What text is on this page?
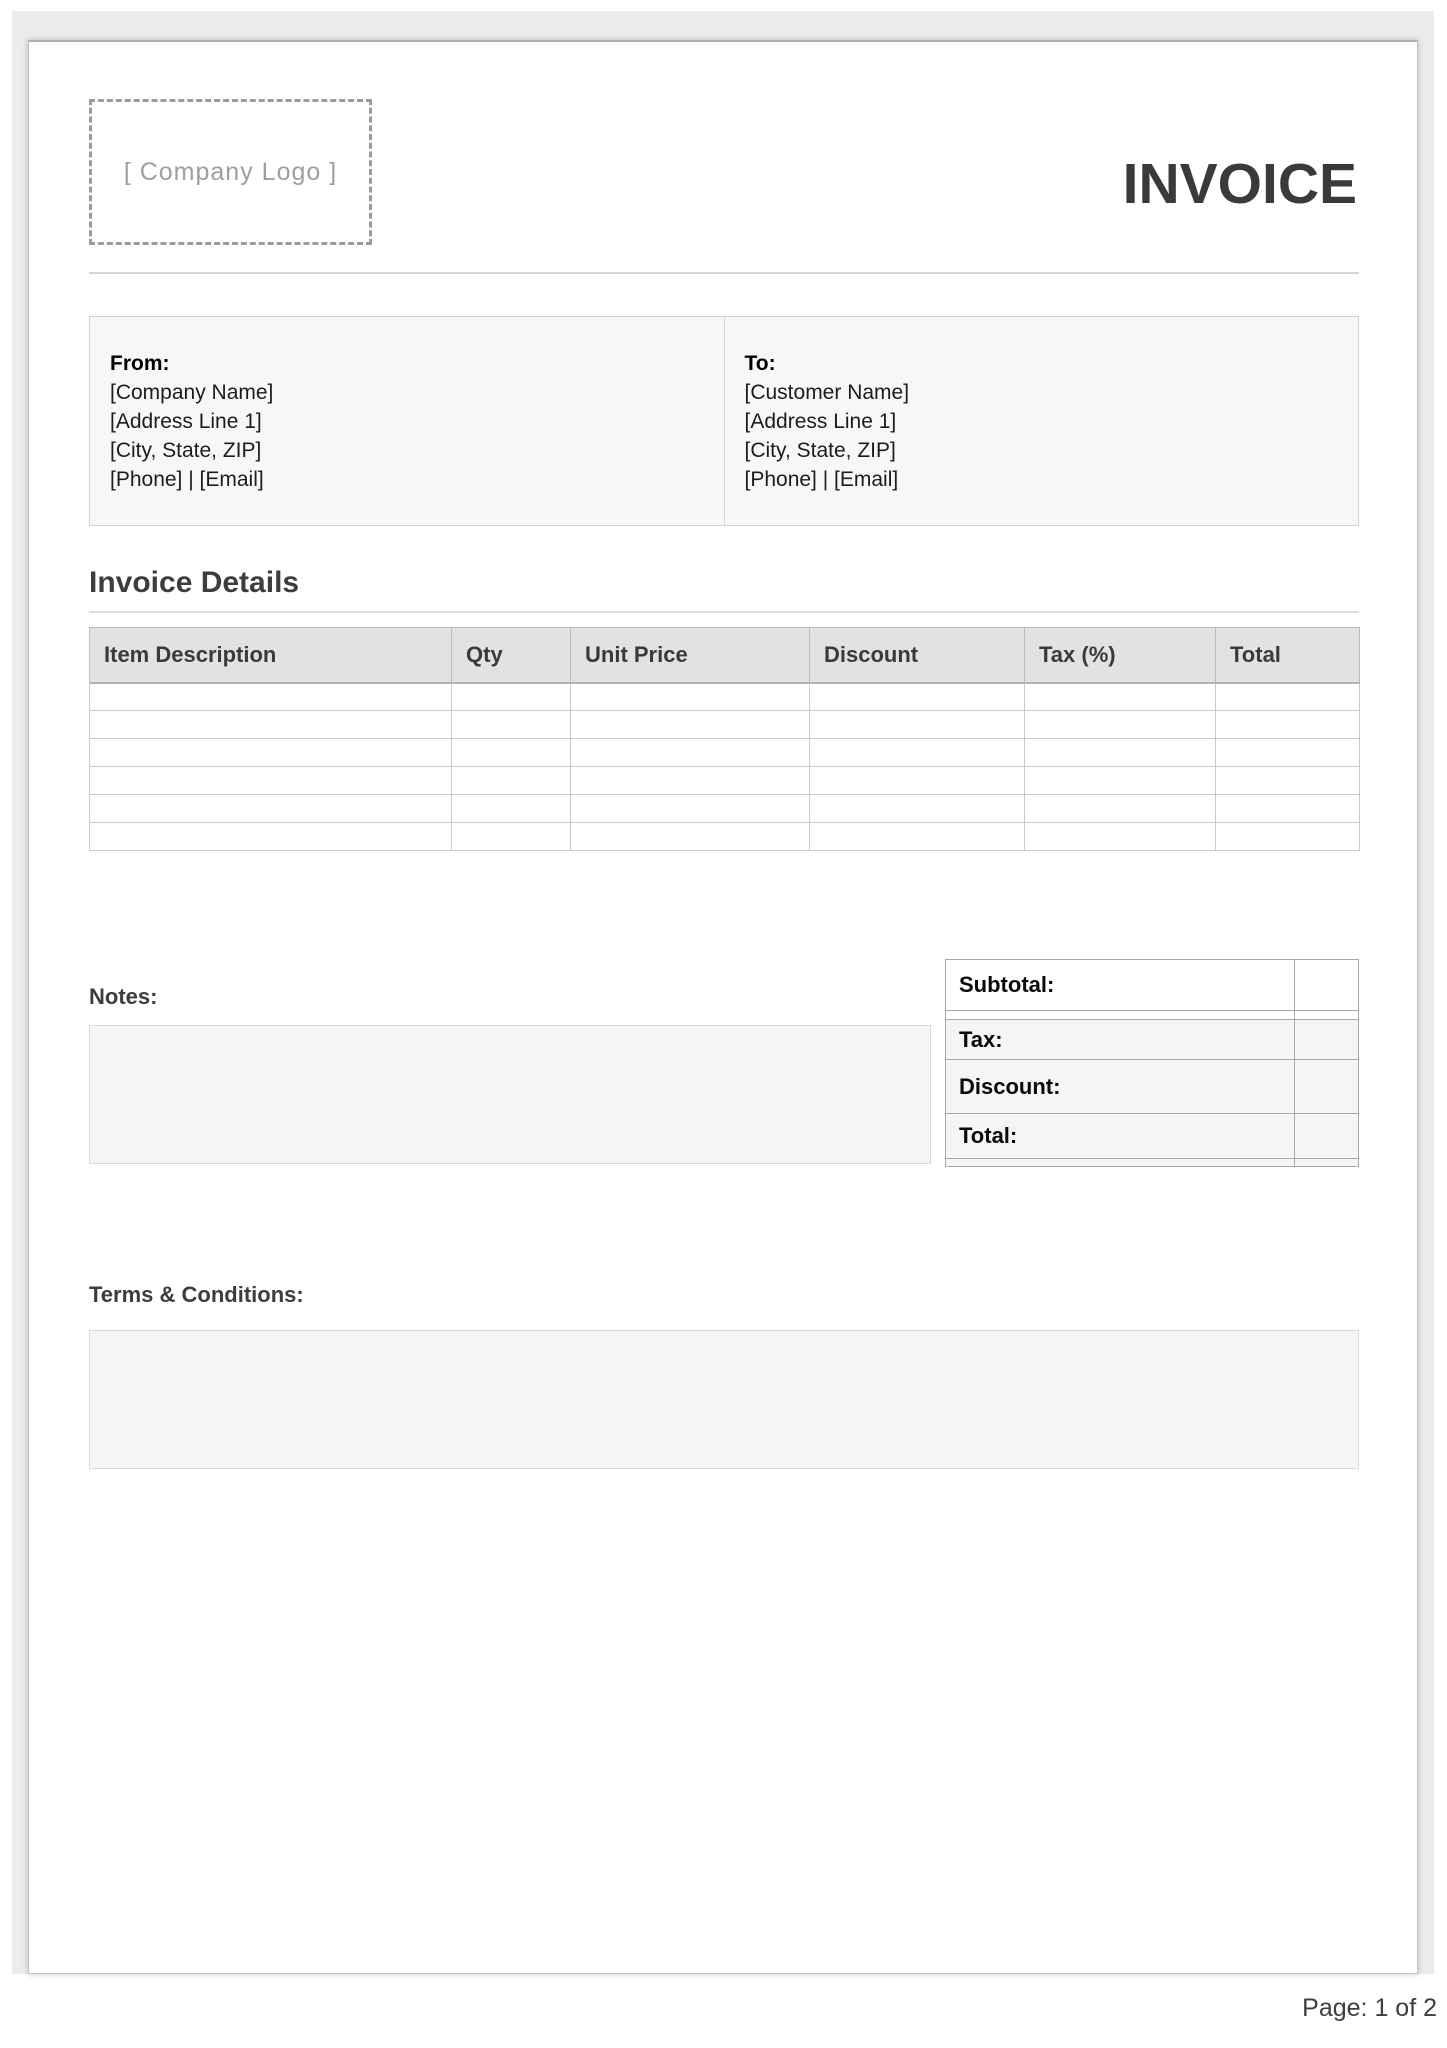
[ Company Logo ]	INVOICE
From:
[Company Name]
[Address Line 1]
[City, State, ZIP]
[Phone] | [Email]
To:
[Customer Name]
[Address Line 1]
[City, State, ZIP]
[Phone] | [Email]
Invoice Details
Item Description	Qty	Unit Price	Discount	Tax (%)	Total

Notes:	Subtotal:
Tax:
Discount:
Total:
Terms & Conditions:
Page: 1 of 2
